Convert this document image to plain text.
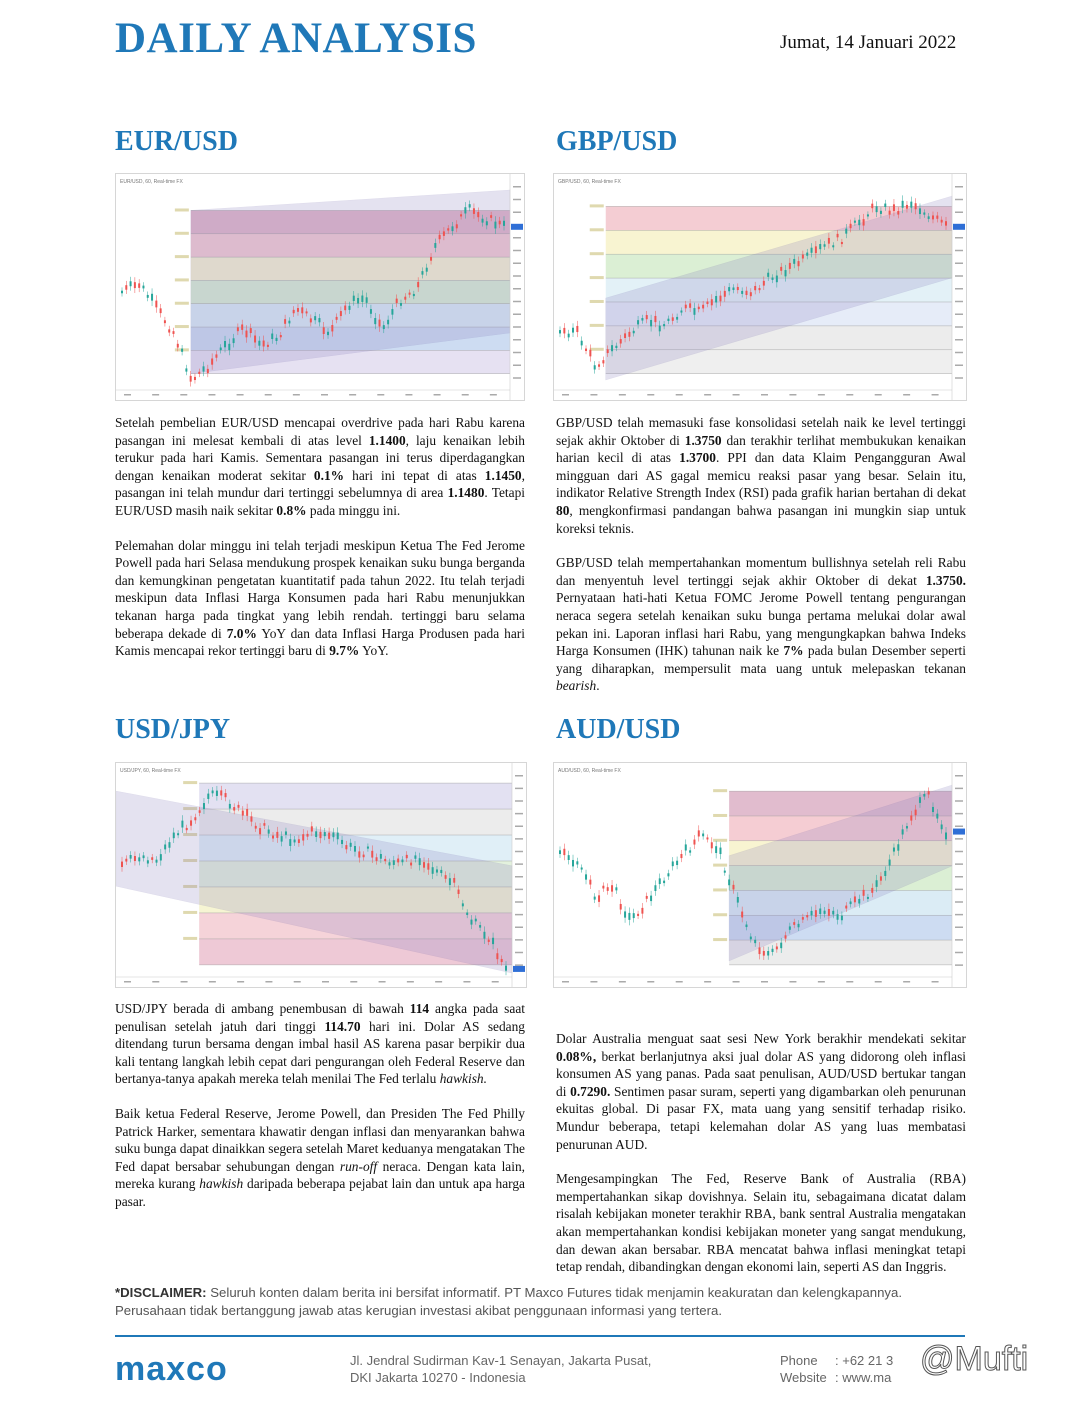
DAILY ANALYSIS	Jumat, 14 Januari 2022
EUR/USD
EUR/USD, 60, Real-time FX

Setelah pembelian EUR/USD mencapai overdrive pada hari Rabu karena pasangan ini melesat kembali di atas level 1.1400, laju kenaikan lebih terukur pada hari Kamis. Sementara pasangan ini terus diperdagangkan dengan kenaikan moderat sekitar 0.1% hari ini tepat di atas 1.1450, pasangan ini telah mundur dari tertinggi sebelumnya di area 1.1480. Tetapi EUR/USD masih naik sekitar 0.8% pada minggu ini.

Pelemahan dolar minggu ini telah terjadi meskipun Ketua The Fed Jerome Powell pada hari Selasa mendukung prospek kenaikan suku bunga berganda dan kemungkinan pengetatan kuantitatif pada tahun 2022. Itu telah terjadi meskipun data Inflasi Harga Konsumen pada hari Rabu menunjukkan tekanan harga pada tingkat yang lebih rendah. tertinggi baru selama beberapa dekade di 7.0% YoY dan data Inflasi Harga Produsen pada hari Kamis mencapai rekor tertinggi baru di 9.7% YoY.

GBP/USD
GBP/USD, 60, Real-time FX

GBP/USD telah memasuki fase konsolidasi setelah naik ke level tertinggi sejak akhir Oktober di 1.3750 dan terakhir terlihat membukukan kenaikan harian kecil di atas 1.3700. PPI dan data Klaim Pengangguran Awal mingguan dari AS gagal memicu reaksi pasar yang besar. Selain itu, indikator Relative Strength Index (RSI) pada grafik harian bertahan di dekat 80, mengkonfirmasi pandangan bahwa pasangan ini mungkin siap untuk koreksi teknis.

GBP/USD telah mempertahankan momentum bullishnya setelah reli Rabu dan menyentuh level tertinggi sejak akhir Oktober di dekat 1.3750. Pernyataan hati-hati Ketua FOMC Jerome Powell tentang pengurangan neraca segera setelah kenaikan suku bunga pertama melukai dolar awal pekan ini. Laporan inflasi hari Rabu, yang mengungkapkan bahwa Indeks Harga Konsumen (IHK) tahunan naik ke 7% pada bulan Desember seperti yang diharapkan, mempersulit mata uang untuk melepaskan tekanan bearish.

USD/JPY
USD/JPY, 60, Real-time FX

USD/JPY berada di ambang penembusan di bawah 114 angka pada saat penulisan setelah jatuh dari tinggi 114.70 hari ini. Dolar AS sedang ditendang turun bersama dengan imbal hasil AS karena pasar berpikir dua kali tentang langkah lebih cepat dari pengurangan oleh Federal Reserve dan bertanya-tanya apakah mereka telah menilai The Fed terlalu hawkish.

Baik ketua Federal Reserve, Jerome Powell, dan Presiden The Fed Philly Patrick Harker, sementara khawatir dengan inflasi dan menyarankan bahwa suku bunga dapat dinaikkan segera setelah Maret keduanya mengatakan The Fed dapat bersabar sehubungan dengan run-off neraca. Dengan kata lain, mereka kurang hawkish daripada beberapa pejabat lain dan untuk apa harga pasar.

AUD/USD
AUD/USD, 60, Real-time FX

Dolar Australia menguat saat sesi New York berakhir mendekati sekitar 0.08%, berkat berlanjutnya aksi jual dolar AS yang didorong oleh inflasi konsumen AS yang panas. Pada saat penulisan, AUD/USD bertukar tangan di 0.7290. Sentimen pasar suram, seperti yang digambarkan oleh penurunan ekuitas global. Di pasar FX, mata uang yang sensitif terhadap risiko. Mundur beberapa, tetapi kelemahan dolar AS yang luas membatasi penurunan AUD.

Mengesampingkan The Fed, Reserve Bank of Australia (RBA) mempertahankan sikap dovishnya. Selain itu, sebagaimana dicatat dalam risalah kebijakan moneter terakhir RBA, bank sentral Australia mengatakan akan mempertahankan kondisi kebijakan moneter yang sangat mendukung, dan dewan akan bersabar. RBA mencatat bahwa inflasi meningkat tetapi tetap rendah, dibandingkan dengan ekonomi lain, seperti AS dan Inggris.

*DISCLAIMER: Seluruh konten dalam berita ini bersifat informatif. PT Maxco Futures tidak menjamin keakuratan dan kelengkapannya. Perusahaan tidak bertanggung jawab atas kerugian investasi akibat penggunaan informasi yang tertera.
maxco	Jl. Jendral Sudirman Kav-1 Senayan, Jakarta Pusat,
DKI Jakarta 10270 - Indonesia
Phone : +62 21 3
Website : www.ma @Mufti
